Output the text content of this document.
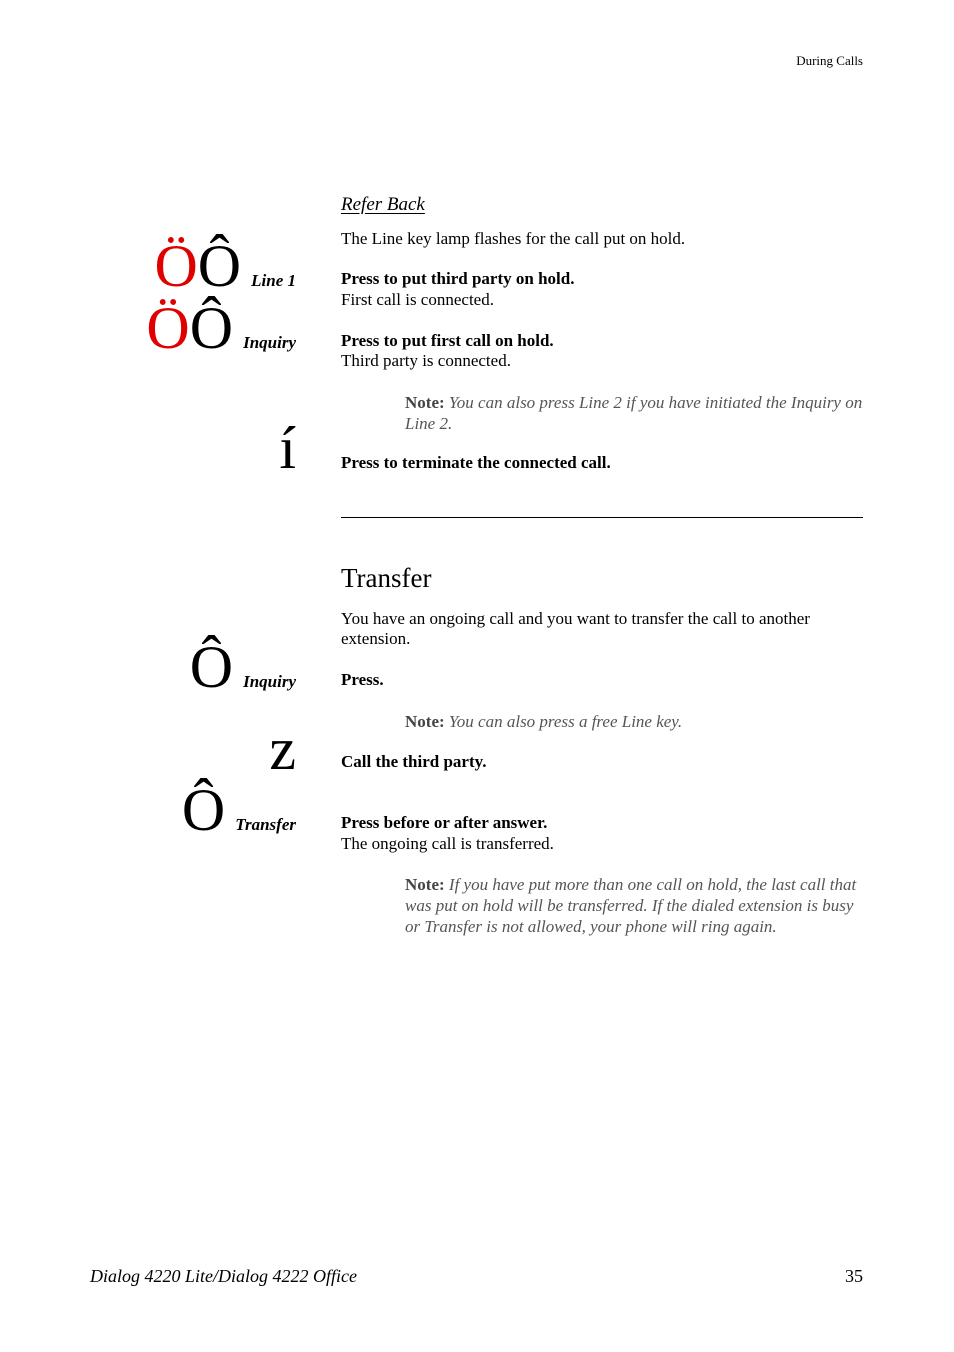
During Calls
Refer Back
The Line key lamp flashes for the call put on hold.
Ö Ô Line 1	Press to put third party on hold.
First call is connected.
Ö Ô Inquiry	Press to put first call on hold.
Third party is connected.
Note: You can also press Line 2 if you have initiated the Inquiry on Line 2.
í	Press to terminate the connected call.
Transfer
You have an ongoing call and you want to transfer the call to another extension.
Ô Inquiry	Press.
Note: You can also press a free Line key.
z	Call the third party.
Ô Transfer	Press before or after answer.
The ongoing call is transferred.
Note: If you have put more than one call on hold, the last call that was put on hold will be transferred. If the dialed extension is busy or Transfer is not allowed, your phone will ring again.
Dialog 4220 Lite/Dialog 4222 Office	35
